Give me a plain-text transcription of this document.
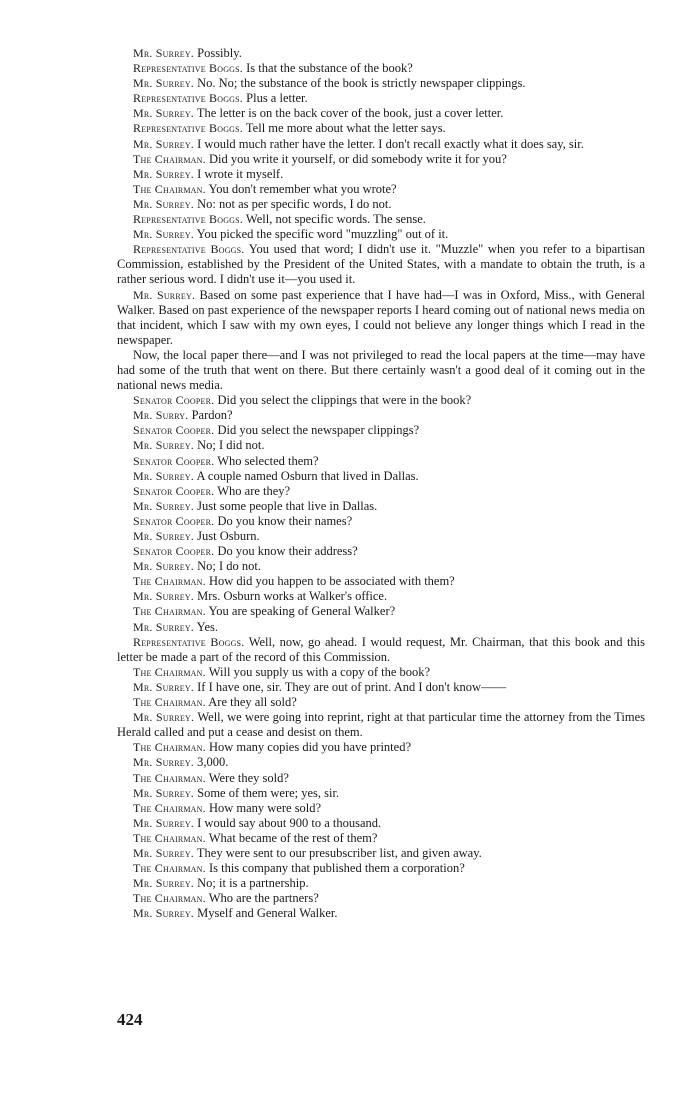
Mr. Surrey. Possibly.

Representative Boggs. Is that the substance of the book?

Mr. Surrey. No. No; the substance of the book is strictly newspaper clippings.

Representative Boggs. Plus a letter.

Mr. Surrey. The letter is on the back cover of the book, just a cover letter.

Representative Boggs. Tell me more about what the letter says.

Mr. Surrey. I would much rather have the letter. I don't recall exactly what it does say, sir.

The Chairman. Did you write it yourself, or did somebody write it for you?

Mr. Surrey. I wrote it myself.

The Chairman. You don't remember what you wrote?

Mr. Surrey. No: not as per specific words, I do not.

Representative Boggs. Well, not specific words. The sense.

Mr. Surrey. You picked the specific word "muzzling" out of it.

Representative Boggs. You used that word; I didn't use it. "Muzzle" when you refer to a bipartisan Commission, established by the President of the United States, with a mandate to obtain the truth, is a rather serious word. I didn't use it—you used it.

Mr. Surrey. Based on some past experience that I have had—I was in Oxford, Miss., with General Walker. Based on past experience of the newspaper reports I heard coming out of national news media on that incident, which I saw with my own eyes, I could not believe any longer things which I read in the newspaper.

Now, the local paper there—and I was not privileged to read the local papers at the time—may have had some of the truth that went on there. But there certainly wasn't a good deal of it coming out in the national news media.

Senator Cooper. Did you select the clippings that were in the book?

Mr. Surry. Pardon?

Senator Cooper. Did you select the newspaper clippings?

Mr. Surrey. No; I did not.

Senator Cooper. Who selected them?

Mr. Surrey. A couple named Osburn that lived in Dallas.

Senator Cooper. Who are they?

Mr. Surrey. Just some people that live in Dallas.

Senator Cooper. Do you know their names?

Mr. Surrey. Just Osburn.

Senator Cooper. Do you know their address?

Mr. Surrey. No; I do not.

The Chairman. How did you happen to be associated with them?

Mr. Surrey. Mrs. Osburn works at Walker's office.

The Chairman. You are speaking of General Walker?

Mr. Surrey. Yes.

Representative Boggs. Well, now, go ahead. I would request, Mr. Chairman, that this book and this letter be made a part of the record of this Commission.

The Chairman. Will you supply us with a copy of the book?

Mr. Surrey. If I have one, sir. They are out of print. And I don't know——

The Chairman. Are they all sold?

Mr. Surrey. Well, we were going into reprint, right at that particular time the attorney from the Times Herald called and put a cease and desist on them.

The Chairman. How many copies did you have printed?

Mr. Surrey. 3,000.

The Chairman. Were they sold?

Mr. Surrey. Some of them were; yes, sir.

The Chairman. How many were sold?

Mr. Surrey. I would say about 900 to a thousand.

The Chairman. What became of the rest of them?

Mr. Surrey. They were sent to our presubscriber list, and given away.

The Chairman. Is this company that published them a corporation?

Mr. Surrey. No; it is a partnership.

The Chairman. Who are the partners?

Mr. Surrey. Myself and General Walker.

424
